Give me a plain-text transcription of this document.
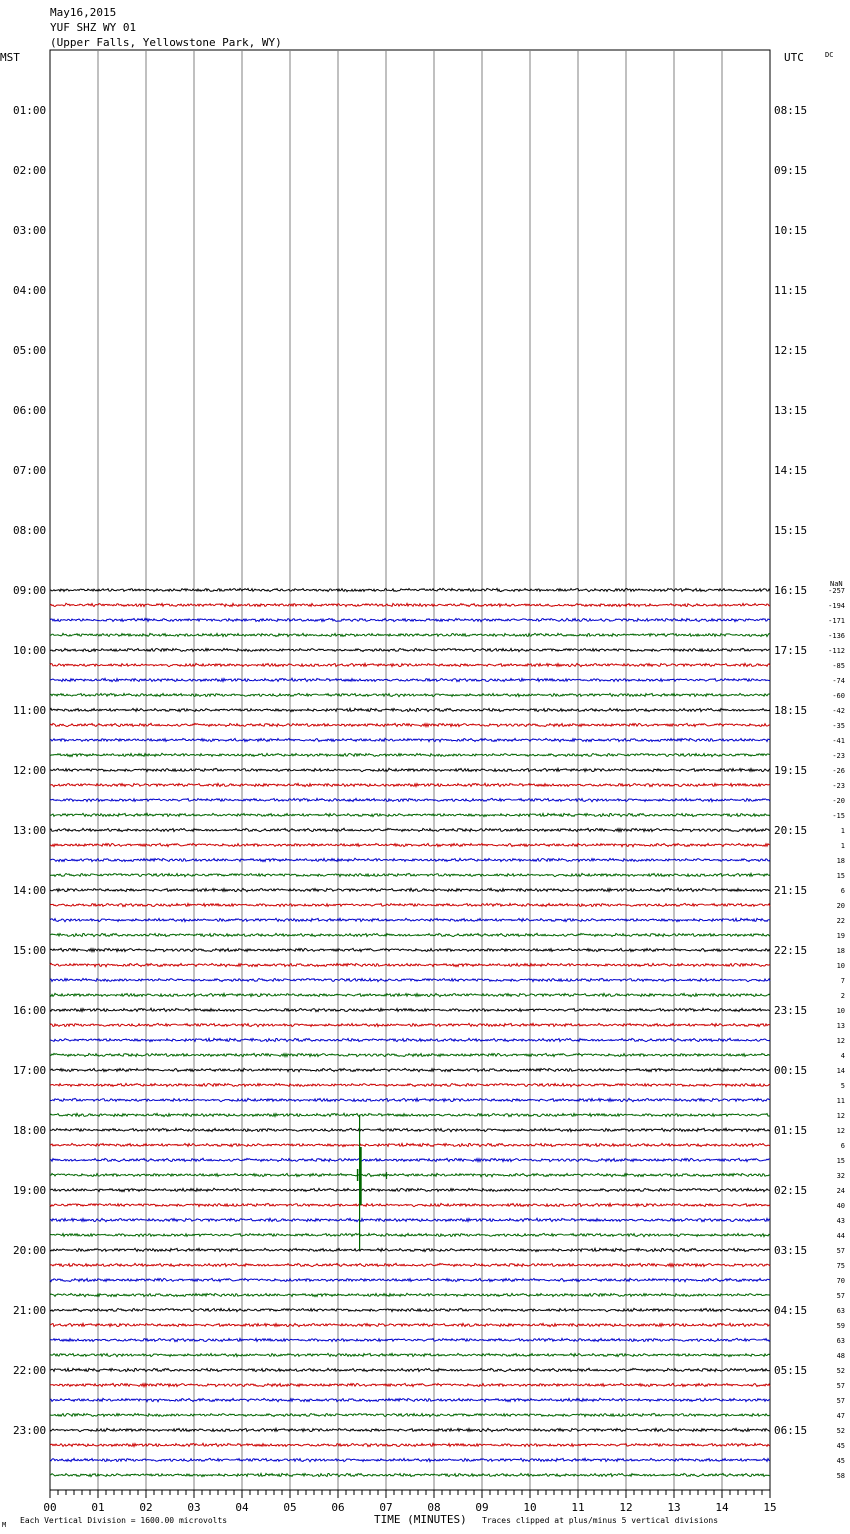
May16,2015
YUF SHZ WY 01
(Upper Falls, Yellowstone Park, WY)
MST	UTC	DC
NaN
01:00
02:00
03:00
04:00
05:00
06:00
07:00
08:00
09:00
10:00
11:00
12:00
13:00
14:00
15:00
16:00
17:00
18:00
19:00
20:00
21:00
22:00
23:00
08:15
09:15
10:15
11:15
12:15
13:15
14:15
15:15
16:15
17:15
18:15
19:15
20:15
21:15
22:15
23:15
00:15
01:15
02:15
03:15
04:15
05:15
06:15
-257
-194
-171
-136
-112
-85
-74
-60
-42
-35
-41
-23
-26
-23
-20
-15
1
1
18
15
6
20
22
19
18
10
7
2
10
13
12
4
14
5
11
12
12
6
15
32
24
40
43
44
57
75
70
57
63
59
63
48
52
57
57
47
52
45
45
58
00	01	02	03	04	05	06	07	08	09	10	11	12	13	14	15
M Each Vertical Division = 1600.00 microvolts	TIME (MINUTES) Traces clipped at plus/minus 5 vertical divisions
